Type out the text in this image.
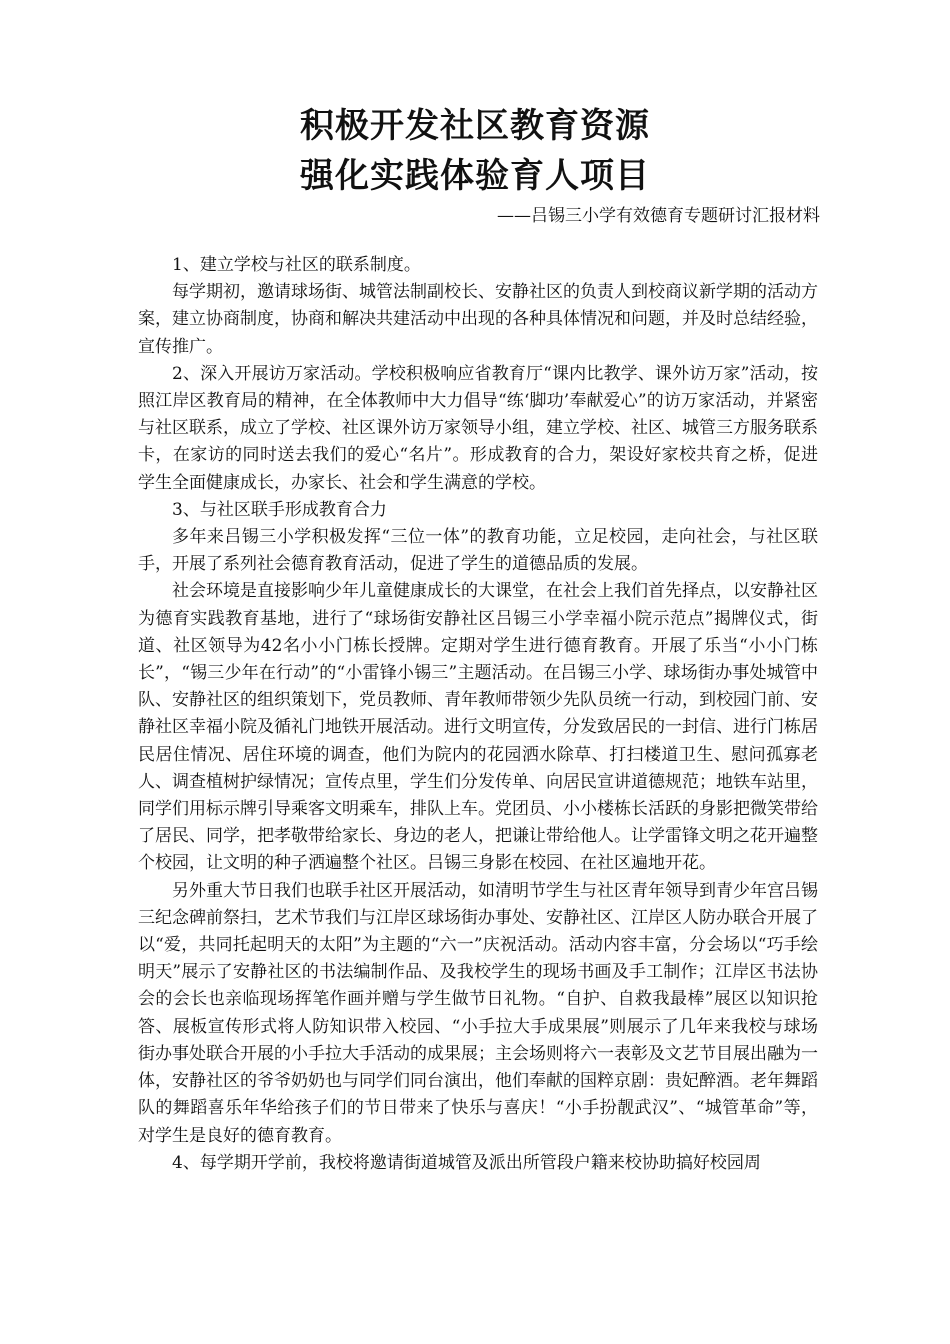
积极开发社区教育资源
强化实践体验育人项目
——吕锡三小学有效德育专题研讨汇报材料

1、建立学校与社区的联系制度。

每学期初，邀请球场街、城管法制副校长、安静社区的负责人到校商议新学期的活动方案，建立协商制度，协商和解决共建活动中出现的各种具体情况和问题，并及时总结经验，宣传推广。

2、深入开展访万家活动。学校积极响应省教育厅“课内比教学、课外访万家”活动，按照江岸区教育局的精神，在全体教师中大力倡导“练‘脚功’奉献爱心”的访万家活动，并紧密与社区联系，成立了学校、社区课外访万家领导小组，建立学校、社区、城管三方服务联系卡，在家访的同时送去我们的爱心“名片”。形成教育的合力，架设好家校共育之桥，促进学生全面健康成长，办家长、社会和学生满意的学校。

3、与社区联手形成教育合力

多年来吕锡三小学积极发挥“三位一体”的教育功能，立足校园，走向社会，与社区联手，开展了系列社会德育教育活动，促进了学生的道德品质的发展。

社会环境是直接影响少年儿童健康成长的大课堂，在社会上我们首先择点，以安静社区为德育实践教育基地，进行了“球场街安静社区吕锡三小学幸福小院示范点”揭牌仪式，街道、社区领导为42名小小门栋长授牌。定期对学生进行德育教育。开展了乐当“小小门栋长”，“锡三少年在行动”的“小雷锋小锡三”主题活动。在吕锡三小学、球场街办事处城管中队、安静社区的组织策划下，党员教师、青年教师带领少先队员统一行动，到校园门前、安静社区幸福小院及循礼门地铁开展活动。进行文明宣传，分发致居民的一封信、进行门栋居民居住情况、居住环境的调查，他们为院内的花园洒水除草、打扫楼道卫生、慰问孤寡老人、调查植树护绿情况；宣传点里，学生们分发传单、向居民宣讲道德规范；地铁车站里，同学们用标示牌引导乘客文明乘车，排队上车。党团员、小小楼栋长活跃的身影把微笑带给了居民、同学，把孝敬带给家长、身边的老人，把谦让带给他人。让学雷锋文明之花开遍整个校园，让文明的种子洒遍整个社区。吕锡三身影在校园、在社区遍地开花。

另外重大节日我们也联手社区开展活动，如清明节学生与社区青年领导到青少年宫吕锡三纪念碑前祭扫，艺术节我们与江岸区球场街办事处、安静社区、江岸区人防办联合开展了以“爱，共同托起明天的太阳”为主题的“六一”庆祝活动。活动内容丰富，分会场以“巧手绘明天”展示了安静社区的书法编制作品、及我校学生的现场书画及手工制作；江岸区书法协会的会长也亲临现场挥笔作画并赠与学生做节日礼物。“自护、自救我最棒”展区以知识抢答、展板宣传形式将人防知识带入校园、“小手拉大手成果展”则展示了几年来我校与球场街办事处联合开展的小手拉大手活动的成果展；主会场则将六一表彰及文艺节目展出融为一体，安静社区的爷爷奶奶也与同学们同台演出，他们奉献的国粹京剧：贵妃醉酒。老年舞蹈队的舞蹈喜乐年华给孩子们的节日带来了快乐与喜庆！“小手扮靓武汉”、“城管革命”等，对学生是良好的德育教育。

4、每学期开学前，我校将邀请街道城管及派出所管段户籍来校协助搞好校园周
